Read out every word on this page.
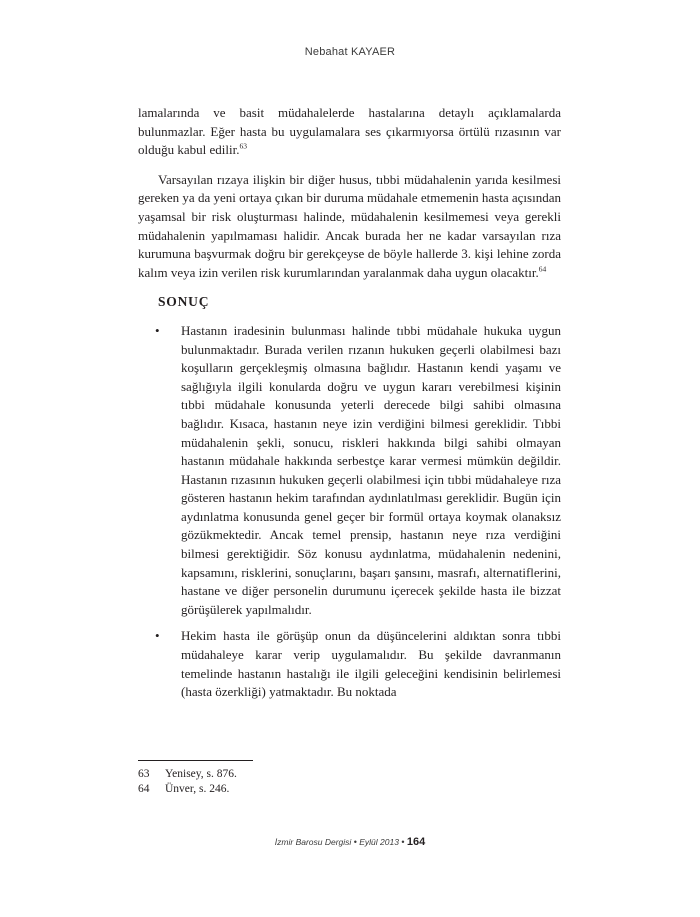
Nebahat KAYAER

lamalarında ve basit müdahalelerde hastalarına detaylı açıklamalarda bulunmazlar. Eğer hasta bu uygulamalara ses çıkarmıyorsa örtülü rızasının var olduğu kabul edilir.$^{63}$

Varsayılan rızaya ilişkin bir diğer husus, tıbbi müdahalenin yarıda kesilmesi gereken ya da yeni ortaya çıkan bir duruma müdahale etmemenin hasta açısından yaşamsal bir risk oluşturması halinde, müdahalenin kesilmemesi veya gerekli müdahalenin yapılmaması halidir. Ancak burada her ne kadar varsayılan rıza kurumuna başvurmak doğru bir gerekçeyse de böyle hallerde 3. kişi lehine zorda kalım veya izin verilen risk kurumlarından yaralanmak daha uygun olacaktır.$^{64}$

SONUÇ
• Hastanın iradesinin bulunması halinde tıbbi müdahale hukuka uygun bulunmaktadır. Burada verilen rızanın hukuken geçerli olabilmesi bazı koşulların gerçekleşmiş olmasına bağlıdır. Hastanın kendi yaşamı ve sağlığıyla ilgili konularda doğru ve uygun kararı verebilmesi kişinin tıbbi müdahale konusunda yeterli derecede bilgi sahibi olmasına bağlıdır. Kısaca, hastanın neye izin verdiğini bilmesi gereklidir. Tıbbi müdahalenin şekli, sonucu, riskleri hakkında bilgi sahibi olmayan hastanın müdahale hakkında serbestçe karar vermesi mümkün değildir. Hastanın rızasının hukuken geçerli olabilmesi için tıbbi müdahaleye rıza gösteren hastanın hekim tarafından aydınlatılması gereklidir. Bugün için aydınlatma konusunda genel geçer bir formül ortaya koymak olanaksız gözükmektedir. Ancak temel prensip, hastanın neye rıza verdiğini bilmesi gerektiğidir. Söz konusu aydınlatma, müdahalenin nedenini, kapsamını, risklerini, sonuçlarını, başarı şansını, masrafı, alternatiflerini, hastane ve diğer personelin durumunu içerecek şekilde hasta ile bizzat görüşülerek yapılmalıdır.
• Hekim hasta ile görüşüp onun da düşüncelerini aldıktan sonra tıbbi müdahaleye karar verip uygulamalıdır. Bu şekilde davranmanın temelinde hastanın hastalığı ile ilgili geleceğini kendisinin belirlemesi (hasta özerkliği) yatmaktadır. Bu noktada
63	Yenisey, s. 876.
64	Ünver, s. 246.
İzmir Barosu Dergisi • Eylül 2013 • 164
